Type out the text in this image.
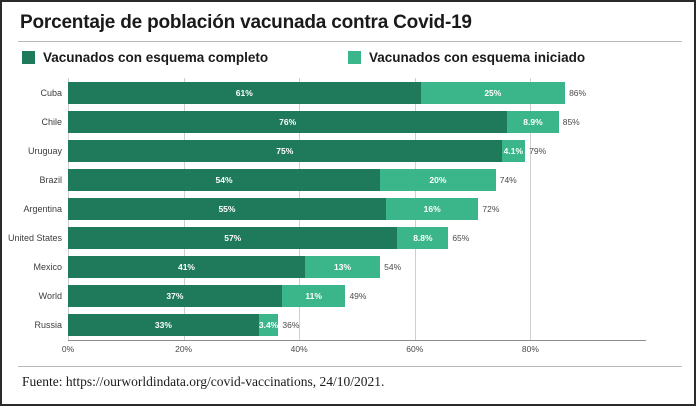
Porcentaje de población vacunada contra Covid-19
Vacunados con esquema completo	Vacunados con esquema iniciado
Cuba	61%	25%	86%
Chile	76%	8.9% 85%
Uruguay	75%	4.1% 79%
Brazil	54%	20%	74%
Argentina	55%	16%	72%
United States	57%	8.8% 65%
Mexico	41%	13%	54%
World	37%	11%	49%
Russia	33%	3.4% 36%
0%	20%	40%	60%	80%
Fuente: https://ourworldindata.org/covid-vaccinations, 24/10/2021.
